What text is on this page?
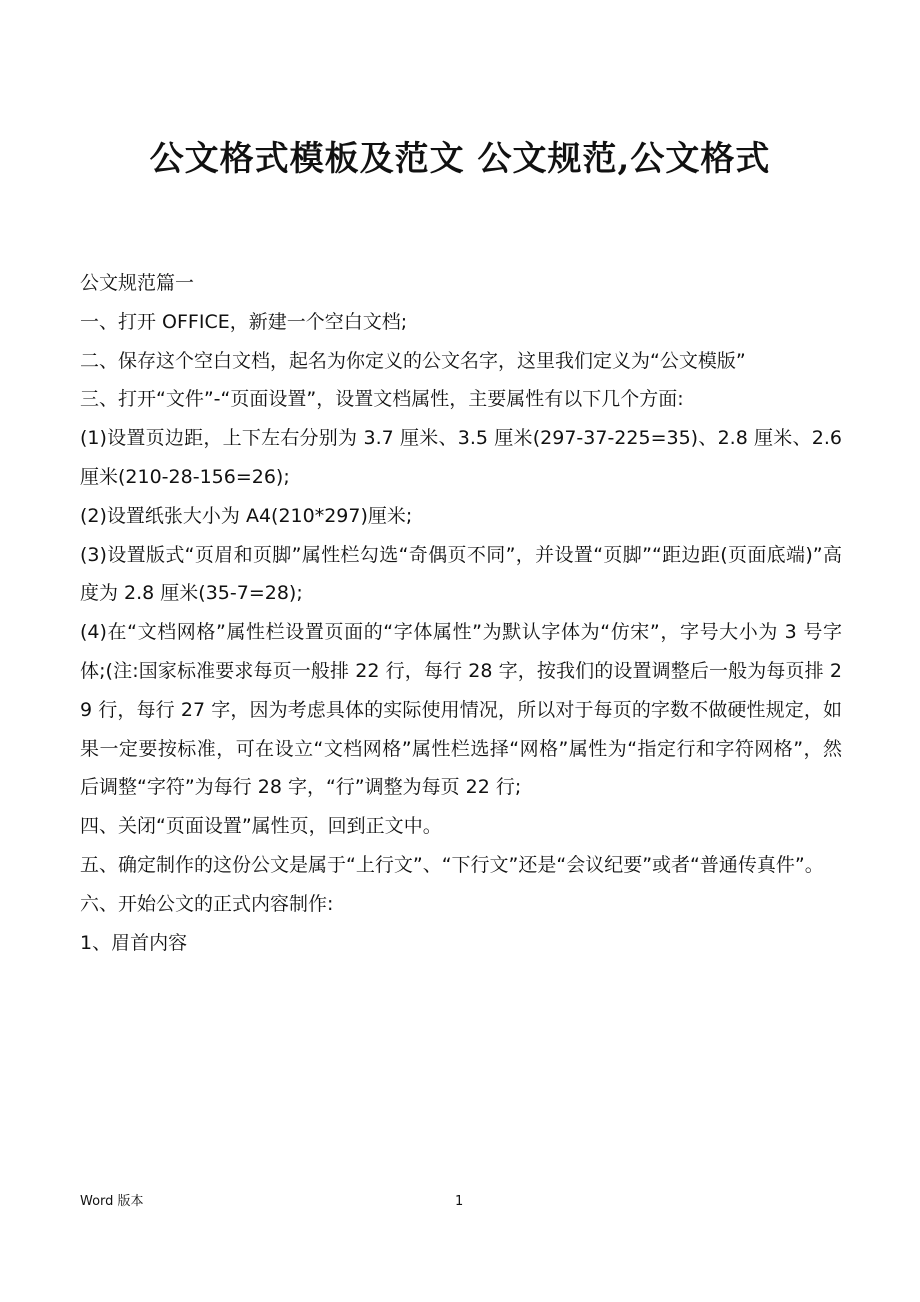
公文格式模板及范文 公文规范,公文格式

公文规范篇一

一、打开 OFFICE，新建一个空白文档;

二、保存这个空白文档，起名为你定义的公文名字，这里我们定义为“公文模版”

三、打开“文件”-“页面设置”，设置文档属性，主要属性有以下几个方面:

(1)设置页边距，上下左右分别为 3.7 厘米、3.5 厘米(297-37-225=35)、2.8 厘米、2.6 厘米(210-28-156=26);

(2)设置纸张大小为 A4(210*297)厘米;

(3)设置版式“页眉和页脚”属性栏勾选“奇偶页不同”，并设置“页脚”“距边距(页面底端)”高度为 2.8 厘米(35-7=28);

(4)在“文档网格”属性栏设置页面的“字体属性”为默认字体为“仿宋”，字号大小为 3 号字体;(注:国家标准要求每页一般排 22 行，每行 28 字，按我们的设置调整后一般为每页排 29 行，每行 27 字，因为考虑具体的实际使用情况，所以对于每页的字数不做硬性规定，如果一定要按标准，可在设立“文档网格”属性栏选择“网格”属性为“指定行和字符网格”，然后调整“字符”为每行 28 字，“行”调整为每页 22 行;

四、关闭“页面设置”属性页，回到正文中。

五、确定制作的这份公文是属于“上行文”、“下行文”还是“会议纪要”或者“普通传真件”。

六、开始公文的正式内容制作:

1、眉首内容

Word 版本	1
